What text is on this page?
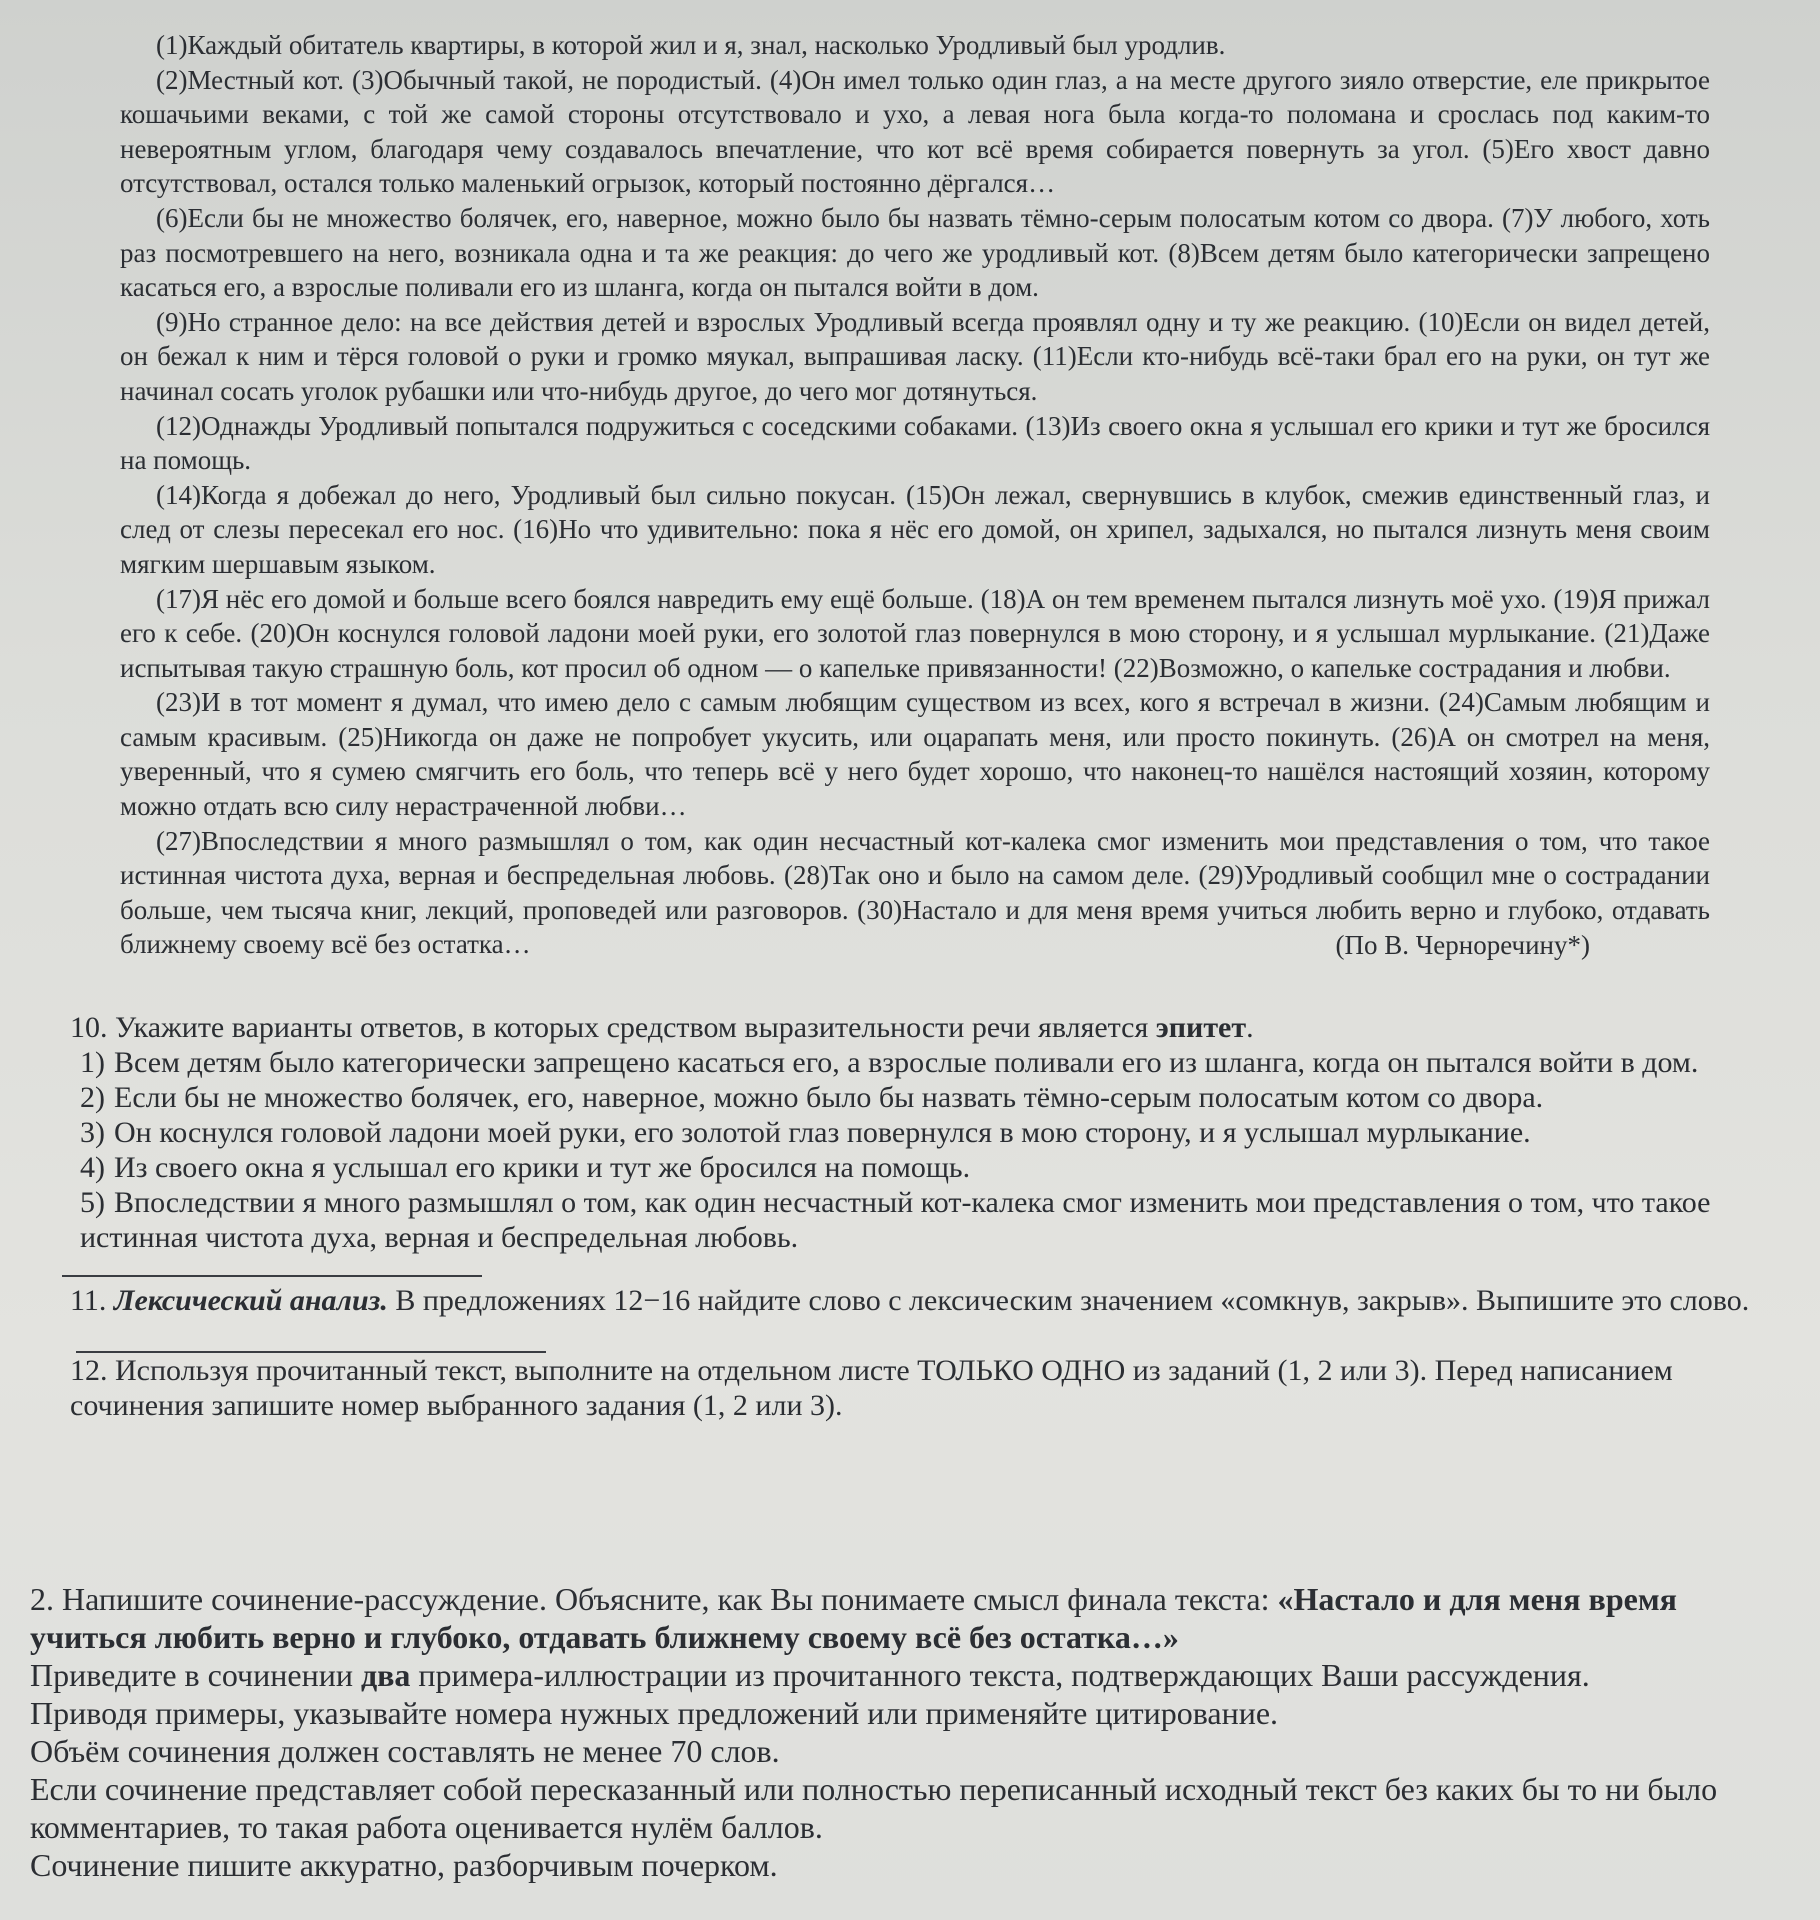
(1)Каждый обитатель квартиры, в которой жил и я, знал, насколько Уродливый был уродлив.

(2)Местный кот. (3)Обычный такой, не породистый. (4)Он имел только один глаз, а на месте другого зияло отверстие, еле прикрытое кошачьими веками, с той же самой стороны отсутствовало и ухо, а левая нога была когда-то поломана и срослась под каким-то невероятным углом, благодаря чему создавалось впечатление, что кот всё время собирается повернуть за угол. (5)Его хвост давно отсутствовал, остался только маленький огрызок, который постоянно дёргался…

(6)Если бы не множество болячек, его, наверное, можно было бы назвать тёмно-серым полосатым котом со двора. (7)У любого, хоть раз посмотревшего на него, возникала одна и та же реакция: до чего же уродливый кот. (8)Всем детям было категорически запрещено касаться его, а взрослые поливали его из шланга, когда он пытался войти в дом.

(9)Но странное дело: на все действия детей и взрослых Уродливый всегда проявлял одну и ту же реакцию. (10)Если он видел детей, он бежал к ним и тёрся головой о руки и громко мяукал, выпрашивая ласку. (11)Если кто-нибудь всё-таки брал его на руки, он тут же начинал сосать уголок рубашки или что-нибудь другое, до чего мог дотянуться.

(12)Однажды Уродливый попытался подружиться с соседскими собаками. (13)Из своего окна я услышал его крики и тут же бросился на помощь.

(14)Когда я добежал до него, Уродливый был сильно покусан. (15)Он лежал, свернувшись в клубок, смежив единственный глаз, и след от слезы пересекал его нос. (16)Но что удивительно: пока я нёс его домой, он хрипел, задыхался, но пытался лизнуть меня своим мягким шершавым языком.

(17)Я нёс его домой и больше всего боялся навредить ему ещё больше. (18)А он тем временем пытался лизнуть моё ухо. (19)Я прижал его к себе. (20)Он коснулся головой ладони моей руки, его золотой глаз повернулся в мою сторону, и я услышал мурлыкание. (21)Даже испытывая такую страшную боль, кот просил об одном — о капельке привязанности! (22)Возможно, о капельке сострадания и любви.

(23)И в тот момент я думал, что имею дело с самым любящим существом из всех, кого я встречал в жизни. (24)Самым любящим и самым красивым. (25)Никогда он даже не попробует укусить, или оцарапать меня, или просто покинуть. (26)А он смотрел на меня, уверенный, что я сумею смягчить его боль, что теперь всё у него будет хорошо, что наконец-то нашёлся настоящий хозяин, которому можно отдать всю силу нерастраченной любви…

(27)Впоследствии я много размышлял о том, как один несчастный кот-калека смог изменить мои представления о том, что такое истинная чистота духа, верная и беспредельная любовь. (28)Так оно и было на самом деле. (29)Уродливый сообщил мне о сострадании больше, чем тысяча книг, лекций, проповедей или разговоров. (30)Настало и для меня время учиться любить верно и глубоко, отдавать ближнему своему всё без остатка…	(По В. Черноречину*)

10. Укажите варианты ответов, в которых средством выразительности речи является эпитет.

1) Всем детям было категорически запрещено касаться его, а взрослые поливали его из шланга, когда он пытался войти в дом.

2) Если бы не множество болячек, его, наверное, можно было бы назвать тёмно-серым полосатым котом со двора.

3) Он коснулся головой ладони моей руки, его золотой глаз повернулся в мою сторону, и я услышал мурлыкание.

4) Из своего окна я услышал его крики и тут же бросился на помощь.

5) Впоследствии я много размышлял о том, как один несчастный кот-калека смог изменить мои представления о том, что такое истинная чистота духа, верная и беспредельная любовь.

11. Лексический анализ. В предложениях 12−16 найдите слово с лексическим значением «сомкнув, закрыв». Выпишите это слово.

12. Используя прочитанный текст, выполните на отдельном листе ТОЛЬКО ОДНО из заданий (1, 2 или 3). Перед написанием сочинения запишите номер выбранного задания (1, 2 или 3).

2. Напишите сочинение-рассуждение. Объясните, как Вы понимаете смысл финала текста: «Настало и для меня время учиться любить верно и глубоко, отдавать ближнему своему всё без остатка…»

Приведите в сочинении два примера-иллюстрации из прочитанного текста, подтверждающих Ваши рассуждения.

Приводя примеры, указывайте номера нужных предложений или применяйте цитирование.

Объём сочинения должен составлять не менее 70 слов.

Если сочинение представляет собой пересказанный или полностью переписанный исходный текст без каких бы то ни было комментариев, то такая работа оценивается нулём баллов.

Сочинение пишите аккуратно, разборчивым почерком.
